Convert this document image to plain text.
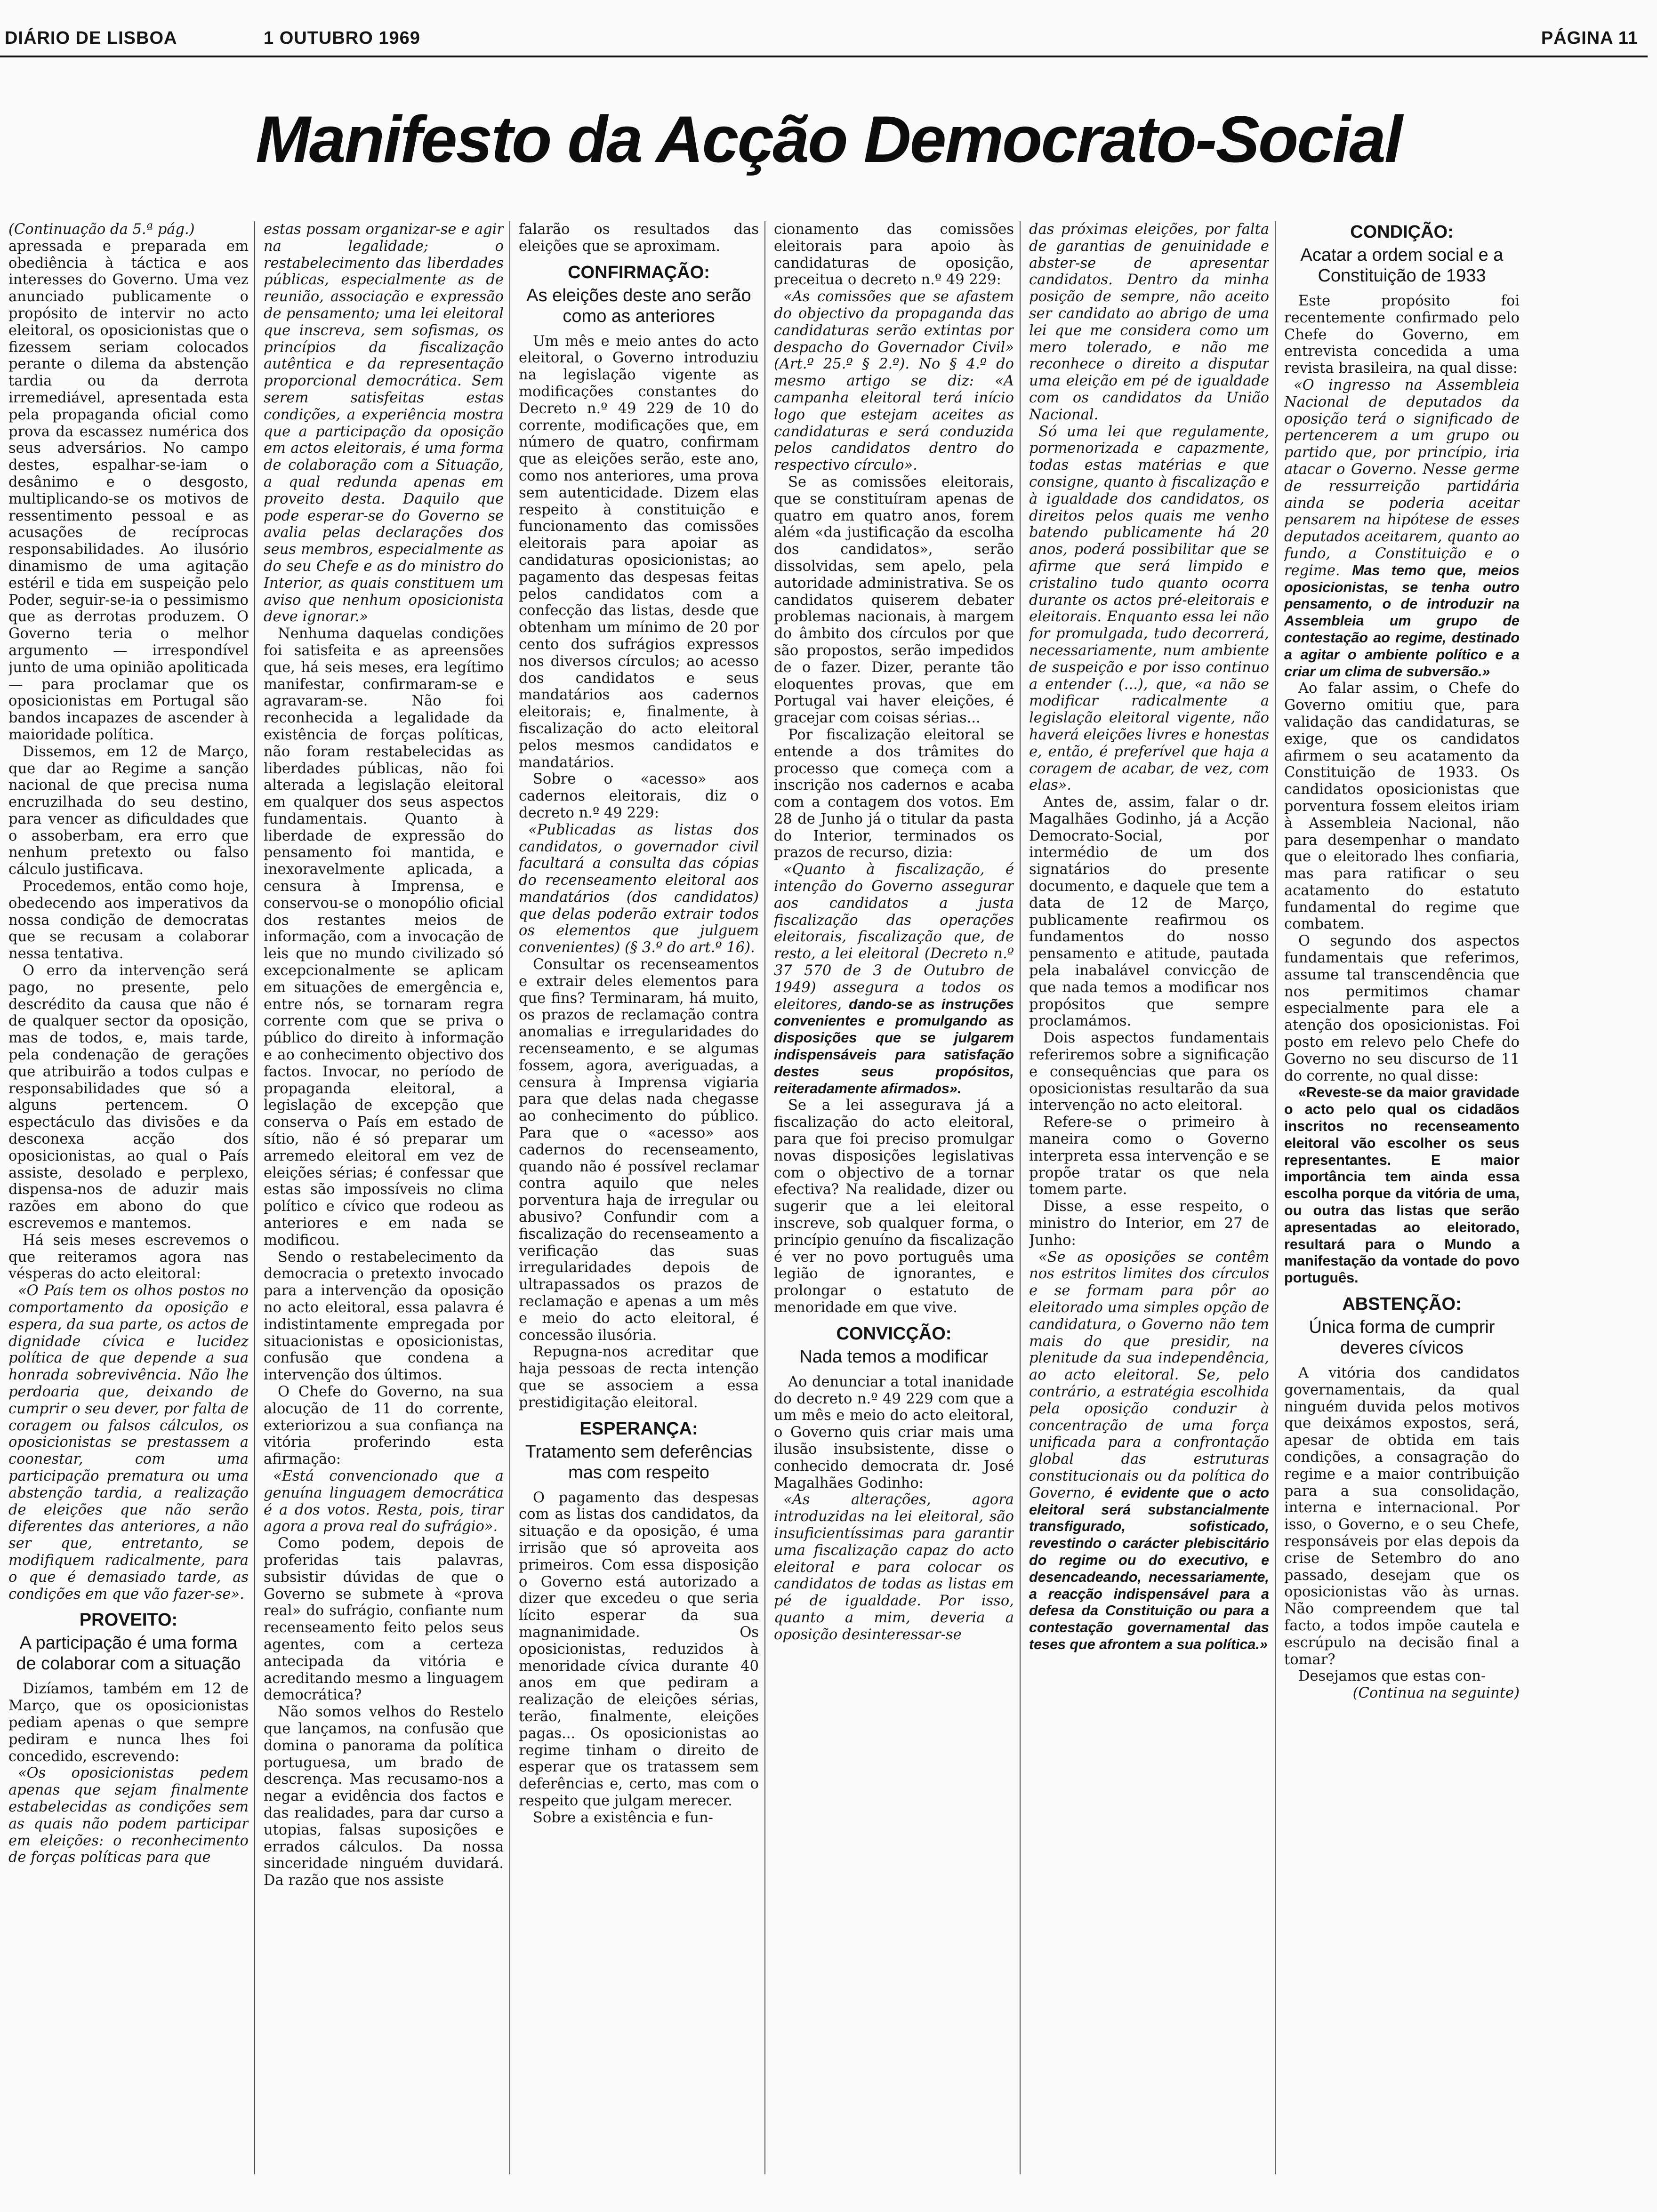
DIÁRIO DE LISBOA	1 OUTUBRO 1969	PÁGINA 11
Manifesto da Acção Democrato-Social

(Continuação da 5.ª pág.)

apressada e preparada em obediência à táctica e aos interesses do Governo. Uma vez anunciado publicamente o propósito de intervir no acto eleitoral, os oposicionistas que o fizessem seriam colocados perante o dilema da abstenção tardia ou da derrota irremediável, apresentada esta pela propaganda oficial como prova da escassez numérica dos seus adversários. No campo destes, espalhar-se-iam o desânimo e o desgosto, multiplicando-se os motivos de ressentimento pessoal e as acusações de recíprocas responsabilidades. Ao ilusório dinamismo de uma agitação estéril e tida em suspeição pelo Poder, seguir-se-ia o pessimismo que as derrotas produzem. O Governo teria o melhor argumento — irrespondível junto de uma opinião apoliticada — para proclamar que os oposicionistas em Portugal são bandos incapazes de ascender à maioridade política.

Dissemos, em 12 de Março, que dar ao Regime a sanção nacional de que precisa numa encruzilhada do seu destino, para vencer as dificuldades que o assoberbam, era erro que nenhum pretexto ou falso cálculo justificava.

Procedemos, então como hoje, obedecendo aos imperativos da nossa condição de democratas que se recusam a colaborar nessa tentativa.

O erro da intervenção será pago, no presente, pelo descrédito da causa que não é de qualquer sector da oposição, mas de todos, e, mais tarde, pela condenação de gerações que atribuirão a todos culpas e responsabilidades que só a alguns pertencem. O espectáculo das divisões e da desconexa acção dos oposicionistas, ao qual o País assiste, desolado e perplexo, dispensa-nos de aduzir mais razões em abono do que escrevemos e mantemos.

Há seis meses escrevemos o que reiteramos agora nas vésperas do acto eleitoral:

«O País tem os olhos postos no comportamento da oposição e espera, da sua parte, os actos de dignidade cívica e lucidez política de que depende a sua honrada sobrevivência. Não lhe perdoaria que, deixando de cumprir o seu dever, por falta de coragem ou falsos cálculos, os oposicionistas se prestassem a coonestar, com uma participação prematura ou uma abstenção tardia, a realização de eleições que não serão diferentes das anteriores, a não ser que, entretanto, se modifiquem radicalmente, para o que é demasiado tarde, as condições em que vão fazer-se».

PROVEITO:
A participação é uma forma de colaborar com a situação

Dizíamos, também em 12 de Março, que os oposicionistas pediam apenas o que sempre pediram e nunca lhes foi concedido, escrevendo:

«Os oposicionistas pedem apenas que sejam finalmente estabelecidas as condições sem as quais não podem participar em eleições: o reconhecimento de forças políticas para que

estas possam organizar-se e agir na legalidade; o restabelecimento das liberdades públicas, especialmente as de reunião, associação e expressão de pensamento; uma lei eleitoral que inscreva, sem sofismas, os princípios da fiscalização autêntica e da representação proporcional democrática. Sem serem satisfeitas estas condições, a experiência mostra que a participação da oposição em actos eleitorais, é uma forma de colaboração com a Situação, a qual redunda apenas em proveito desta. Daquilo que pode esperar-se do Governo se avalia pelas declarações dos seus membros, especialmente as do seu Chefe e as do ministro do Interior, as quais constituem um aviso que nenhum oposicionista deve ignorar.»

Nenhuma daquelas condições foi satisfeita e as apreensões que, há seis meses, era legítimo manifestar, confirmaram-se e agravaram-se. Não foi reconhecida a legalidade da existência de forças políticas, não foram restabelecidas as liberdades públicas, não foi alterada a legislação eleitoral em qualquer dos seus aspectos fundamentais. Quanto à liberdade de expressão do pensamento foi mantida, e inexoravelmente aplicada, a censura à Imprensa, e conservou-se o monopólio oficial dos restantes meios de informação, com a invocação de leis que no mundo civilizado só excepcionalmente se aplicam em situações de emergência e, entre nós, se tornaram regra corrente com que se priva o público do direito à informação e ao conhecimento objectivo dos factos. Invocar, no período de propaganda eleitoral, a legislação de excepção que conserva o País em estado de sítio, não é só preparar um arremedo eleitoral em vez de eleições sérias; é confessar que estas são impossíveis no clima político e cívico que rodeou as anteriores e em nada se modificou.

Sendo o restabelecimento da democracia o pretexto invocado para a intervenção da oposição no acto eleitoral, essa palavra é indistintamente empregada por situacionistas e oposicionistas, confusão que condena a intervenção dos últimos.

O Chefe do Governo, na sua alocução de 11 do corrente, exteriorizou a sua confiança na vitória proferindo esta afirmação:

«Está convencionado que a genuína linguagem democrática é a dos votos. Resta, pois, tirar agora a prova real do sufrágio».

Como podem, depois de proferidas tais palavras, subsistir dúvidas de que o Governo se submete à «prova real» do sufrágio, confiante num recenseamento feito pelos seus agentes, com a certeza antecipada da vitória e acreditando mesmo a linguagem democrática?

Não somos velhos do Restelo que lançamos, na confusão que domina o panorama da política portuguesa, um brado de descrença. Mas recusamo-nos a negar a evidência dos factos e das realidades, para dar curso a utopias, falsas suposições e errados cálculos. Da nossa sinceridade ninguém duvidará. Da razão que nos assiste

falarão os resultados das eleições que se aproximam.

CONFIRMAÇÃO:
As eleições deste ano serão como as anteriores

Um mês e meio antes do acto eleitoral, o Governo introduziu na legislação vigente as modificações constantes do Decreto n.º 49 229 de 10 do corrente, modificações que, em número de quatro, confirmam que as eleições serão, este ano, como nos anteriores, uma prova sem autenticidade. Dizem elas respeito à constituição e funcionamento das comissões eleitorais para apoiar as candidaturas oposicionistas; ao pagamento das despesas feitas pelos candidatos com a confecção das listas, desde que obtenham um mínimo de 20 por cento dos sufrágios expressos nos diversos círculos; ao acesso dos candidatos e seus mandatários aos cadernos eleitorais; e, finalmente, à fiscalização do acto eleitoral pelos mesmos candidatos e mandatários.

Sobre o «acesso» aos cadernos eleitorais, diz o decreto n.º 49 229:

«Publicadas as listas dos candidatos, o governador civil facultará a consulta das cópias do recenseamento eleitoral aos mandatários (dos candidatos) que delas poderão extrair todos os elementos que julguem convenientes) (§ 3.º do art.º 16).

Consultar os recenseamentos e extrair deles elementos para que fins? Terminaram, há muito, os prazos de reclamação contra anomalias e irregularidades do recenseamento, e se algumas fossem, agora, averiguadas, a censura à Imprensa vigiaria para que delas nada chegasse ao conhecimento do público. Para que o «acesso» aos cadernos do recenseamento, quando não é possível reclamar contra aquilo que neles porventura haja de irregular ou abusivo? Confundir com a fiscalização do recenseamento a verificação das suas irregularidades depois de ultrapassados os prazos de reclamação e apenas a um mês e meio do acto eleitoral, é concessão ilusória.

Repugna-nos acreditar que haja pessoas de recta intenção que se associem a essa prestidigitação eleitoral.

ESPERANÇA:
Tratamento sem deferências mas com respeito

O pagamento das despesas com as listas dos candidatos, da situação e da oposição, é uma irrisão que só aproveita aos primeiros. Com essa disposição o Governo está autorizado a dizer que excedeu o que seria lícito esperar da sua magnanimidade. Os oposicionistas, reduzidos à menoridade cívica durante 40 anos em que pediram a realização de eleições sérias, terão, finalmente, eleições pagas... Os oposicionistas ao regime tinham o direito de esperar que os tratassem sem deferências e, certo, mas com o respeito que julgam merecer.

Sobre a existência e fun-

cionamento das comissões eleitorais para apoio às candidaturas de oposição, preceitua o decreto n.º 49 229:

«As comissões que se afastem do objectivo da propaganda das candidaturas serão extintas por despacho do Governador Civil» (Art.º 25.º § 2.º). No § 4.º do mesmo artigo se diz: «A campanha eleitoral terá início logo que estejam aceites as candidaturas e será conduzida pelos candidatos dentro do respectivo círculo».

Se as comissões eleitorais, que se constituíram apenas de quatro em quatro anos, forem além «da justificação da escolha dos candidatos», serão dissolvidas, sem apelo, pela autoridade administrativa. Se os candidatos quiserem debater problemas nacionais, à margem do âmbito dos círculos por que são propostos, serão impedidos de o fazer. Dizer, perante tão eloquentes provas, que em Portugal vai haver eleições, é gracejar com coisas sérias...

Por fiscalização eleitoral se entende a dos trâmites do processo que começa com a inscrição nos cadernos e acaba com a contagem dos votos. Em 28 de Junho já o titular da pasta do Interior, terminados os prazos de recurso, dizia:

«Quanto à fiscalização, é intenção do Governo assegurar aos candidatos a justa fiscalização das operações eleitorais, fiscalização que, de resto, a lei eleitoral (Decreto n.º 37 570 de 3 de Outubro de 1949) assegura a todos os eleitores, dando-se as instruções convenientes e promulgando as disposições que se julgarem indispensáveis para satisfação destes seus propósitos, reiteradamente afirmados».

Se a lei assegurava já a fiscalização do acto eleitoral, para que foi preciso promulgar novas disposições legislativas com o objectivo de a tornar efectiva? Na realidade, dizer ou sugerir que a lei eleitoral inscreve, sob qualquer forma, o princípio genuíno da fiscalização é ver no povo português uma legião de ignorantes, e prolongar o estatuto de menoridade em que vive.

CONVICÇÃO:
Nada temos a modificar

Ao denunciar a total inanidade do decreto n.º 49 229 com que a um mês e meio do acto eleitoral, o Governo quis criar mais uma ilusão insubsistente, disse o conhecido democrata dr. José Magalhães Godinho:

«As alterações, agora introduzidas na lei eleitoral, são insuficientíssimas para garantir uma fiscalização capaz do acto eleitoral e para colocar os candidatos de todas as listas em pé de igualdade. Por isso, quanto a mim, deveria a oposição desinteressar-se

das próximas eleições, por falta de garantias de genuinidade e abster-se de apresentar candidatos. Dentro da minha posição de sempre, não aceito ser candidato ao abrigo de uma lei que me considera como um mero tolerado, e não me reconhece o direito a disputar uma eleição em pé de igualdade com os candidatos da União Nacional.

Só uma lei que regulamente, pormenorizada e capazmente, todas estas matérias e que consigne, quanto à fiscalização e à igualdade dos candidatos, os direitos pelos quais me venho batendo publicamente há 20 anos, poderá possibilitar que se afirme que será limpido e cristalino tudo quanto ocorra durante os actos pré-eleitorais e eleitorais. Enquanto essa lei não for promulgada, tudo decorrerá, necessariamente, num ambiente de suspeição e por isso continuo a entender (...), que, «a não se modificar radicalmente a legislação eleitoral vigente, não haverá eleições livres e honestas e, então, é preferível que haja a coragem de acabar, de vez, com elas».

Antes de, assim, falar o dr. Magalhães Godinho, já a Acção Democrato-Social, por intermédio de um dos signatários do presente documento, e daquele que tem a data de 12 de Março, publicamente reafirmou os fundamentos do nosso pensamento e atitude, pautada pela inabalável convicção de que nada temos a modificar nos propósitos que sempre proclamámos.

Dois aspectos fundamentais referiremos sobre a significação e consequências que para os oposicionistas resultarão da sua intervenção no acto eleitoral.

Refere-se o primeiro à maneira como o Governo interpreta essa intervenção e se propõe tratar os que nela tomem parte.

Disse, a esse respeito, o ministro do Interior, em 27 de Junho:

«Se as oposições se contêm nos estritos limites dos círculos e se formam para pôr ao eleitorado uma simples opção de candidatura, o Governo não tem mais do que presidir, na plenitude da sua independência, ao acto eleitoral. Se, pelo contrário, a estratégia escolhida pela oposição conduzir à concentração de uma força unificada para a confrontação global das estruturas constitucionais ou da política do Governo, é evidente que o acto eleitoral será substancialmente transfigurado, sofisticado, revestindo o carácter plebiscitário do regime ou do executivo, e desencadeando, necessariamente, a reacção indispensável para a defesa da Constituição ou para a contestação governamental das teses que afrontem a sua política.»

CONDIÇÃO:
Acatar a ordem social e a Constituição de 1933

Este propósito foi recentemente confirmado pelo Chefe do Governo, em entrevista concedida a uma revista brasileira, na qual disse:

«O ingresso na Assembleia Nacional de deputados da oposição terá o significado de pertencerem a um grupo ou partido que, por princípio, iria atacar o Governo. Nesse germe de ressurreição partidária ainda se poderia aceitar pensarem na hipótese de esses deputados aceitarem, quanto ao fundo, a Constituição e o regime. Mas temo que, meios oposicionistas, se tenha outro pensamento, o de introduzir na Assembleia um grupo de contestação ao regime, destinado a agitar o ambiente político e a criar um clima de subversão.»

Ao falar assim, o Chefe do Governo omitiu que, para validação das candidaturas, se exige, que os candidatos afirmem o seu acatamento da Constituição de 1933. Os candidatos oposicionistas que porventura fossem eleitos iriam à Assembleia Nacional, não para desempenhar o mandato que o eleitorado lhes confiaria, mas para ratificar o seu acatamento do estatuto fundamental do regime que combatem.

O segundo dos aspectos fundamentais que referimos, assume tal transcendência que nos permitimos chamar especialmente para ele a atenção dos oposicionistas. Foi posto em relevo pelo Chefe do Governo no seu discurso de 11 do corrente, no qual disse:

«Reveste-se da maior gravidade o acto pelo qual os cidadãos inscritos no recenseamento eleitoral vão escolher os seus representantes. E maior importância tem ainda essa escolha porque da vitória de uma, ou outra das listas que serão apresentadas ao eleitorado, resultará para o Mundo a manifestação da vontade do povo português.

ABSTENÇÃO:
Única forma de cumprir deveres cívicos

A vitória dos candidatos governamentais, da qual ninguém duvida pelos motivos que deixámos expostos, será, apesar de obtida em tais condições, a consagração do regime e a maior contribuição para a sua consolidação, interna e internacional. Por isso, o Governo, e o seu Chefe, responsáveis por elas depois da crise de Setembro do ano passado, desejam que os oposicionistas vão às urnas. Não compreendem que tal facto, a todos impõe cautela e escrúpulo na decisão final a tomar?

Desejamos que estas con-

(Continua na seguinte)
